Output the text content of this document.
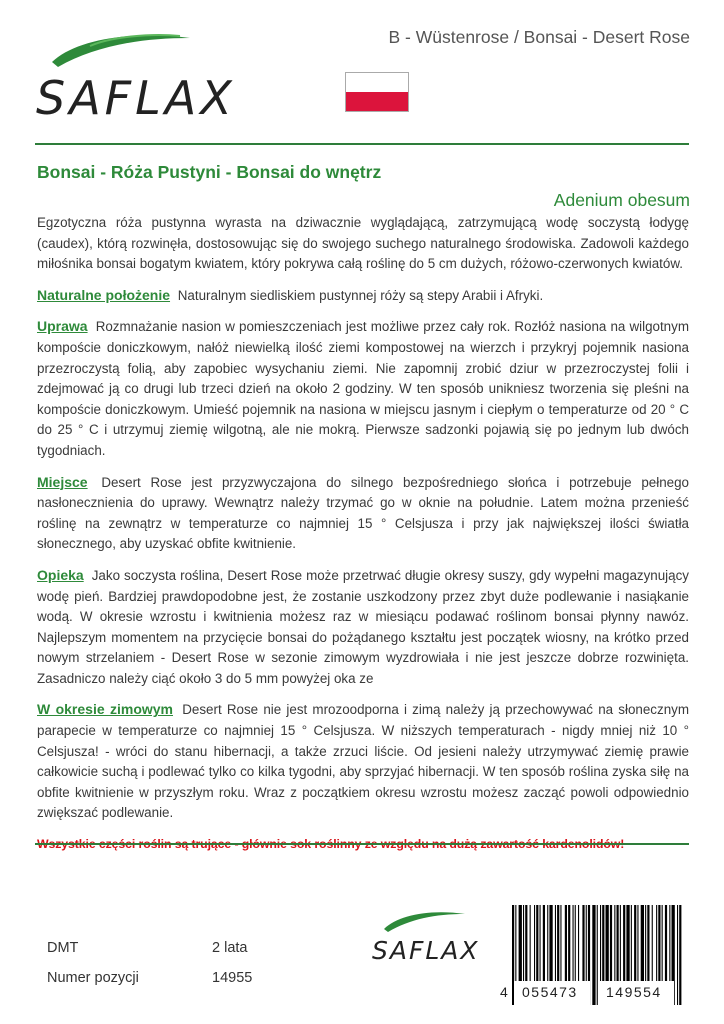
SAFLAX
B - Wüstenrose / Bonsai - Desert Rose
Bonsai - Róża Pustyni - Bonsai do wnętrz
Adenium obesum

Egzotyczna róża pustynna wyrasta na dziwacznie wyglądającą, zatrzymującą wodę soczystą łodygę (caudex), którą rozwinęła, dostosowując się do swojego suchego naturalnego środowiska. Zadowoli każdego miłośnika bonsai bogatym kwiatem, który pokrywa całą roślinę do 5 cm dużych, różowo-czerwonych kwiatów.

Naturalne położenie Naturalnym siedliskiem pustynnej róży są stepy Arabii i Afryki.

Uprawa Rozmnażanie nasion w pomieszczeniach jest możliwe przez cały rok. Rozłóż nasiona na wilgotnym kompoście doniczkowym, nałóż niewielką ilość ziemi kompostowej na wierzch i przykryj pojemnik nasiona przezroczystą folią, aby zapobiec wysychaniu ziemi. Nie zapomnij zrobić dziur w przezroczystej folii i zdejmować ją co drugi lub trzeci dzień na około 2 godziny. W ten sposób unikniesz tworzenia się pleśni na kompoście doniczkowym. Umieść pojemnik na nasiona w miejscu jasnym i ciepłym o temperaturze od 20 ° C do 25 ° C i utrzymuj ziemię wilgotną, ale nie mokrą. Pierwsze sadzonki pojawią się po jednym lub dwóch tygodniach.

Miejsce Desert Rose jest przyzwyczajona do silnego bezpośredniego słońca i potrzebuje pełnego nasłonecznienia do uprawy. Wewnątrz należy trzymać go w oknie na południe. Latem można przenieść roślinę na zewnątrz w temperaturze co najmniej 15 ° Celsjusza i przy jak największej ilości światła słonecznego, aby uzyskać obfite kwitnienie.

Opieka Jako soczysta roślina, Desert Rose może przetrwać długie okresy suszy, gdy wypełni magazynujący wodę pień. Bardziej prawdopodobne jest, że zostanie uszkodzony przez zbyt duże podlewanie i nasiąkanie wodą. W okresie wzrostu i kwitnienia możesz raz w miesiącu podawać roślinom bonsai płynny nawóz. Najlepszym momentem na przycięcie bonsai do pożądanego kształtu jest początek wiosny, na krótko przed nowym strzelaniem - Desert Rose w sezonie zimowym wyzdrowiała i nie jest jeszcze dobrze rozwinięta. Zasadniczo należy ciąć około 3 do 5 mm powyżej oka ze

W okresie zimowym Desert Rose nie jest mrozoodporna i zimą należy ją przechowywać na słonecznym parapecie w temperaturze co najmniej 15 ° Celsjusza. W niższych temperaturach - nigdy mniej niż 10 ° Celsjusza! - wróci do stanu hibernacji, a także zrzuci liście. Od jesieni należy utrzymywać ziemię prawie całkowicie suchą i podlewać tylko co kilka tygodni, aby sprzyjać hibernacji. W ten sposób roślina zyska siłę na obfite kwitnienie w przyszłym roku. Wraz z początkiem okresu wzrostu możesz zacząć powoli odpowiednio zwiększać podlewanie.

Wszystkie części roślin są trujące - głównie sok roślinny ze względu na dużą zawartość kardenolidów!

DMT	2 lata
Numer pozycji	14955
SAFLAX
4 055473 149554
